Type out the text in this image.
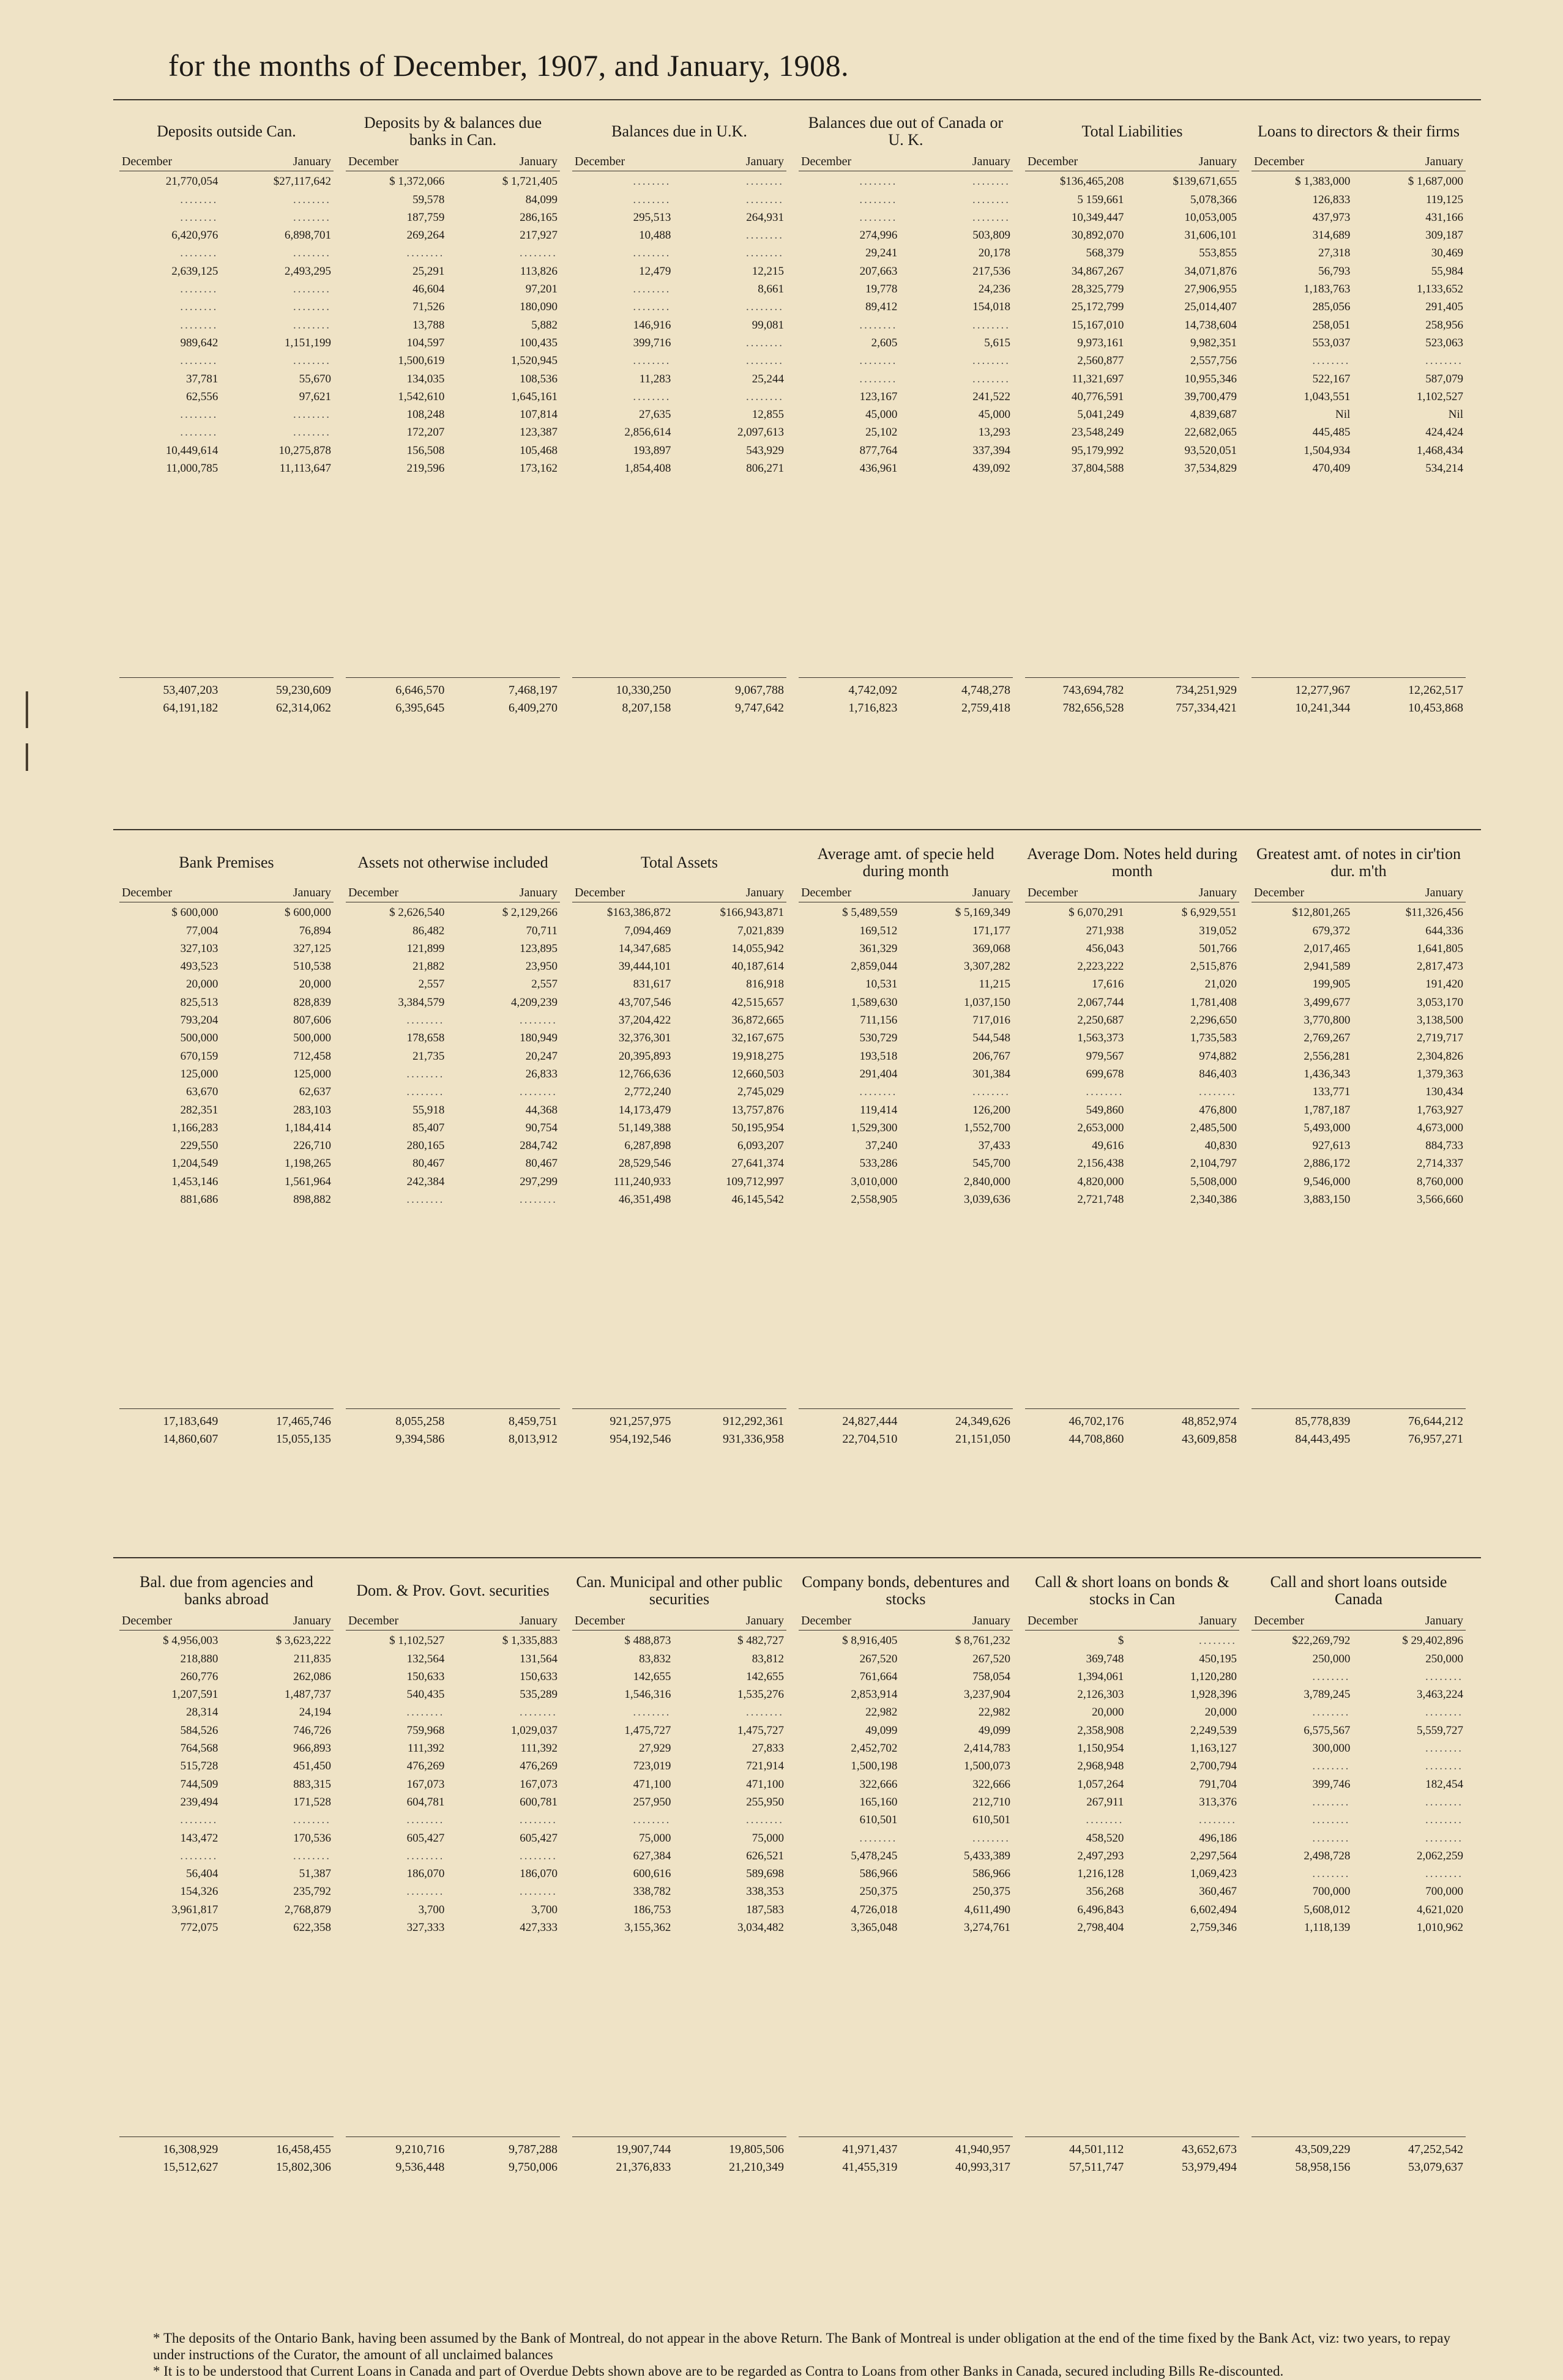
for the months of December, 1907, and January, 1908.
Deposits outside Can.
December	January
21,770,054	$27,117,642
........	........
........	........
6,420,976	6,898,701
........	........
2,639,125	2,493,295
........	........
........	........
........	........
989,642	1,151,199
........	........
37,781	55,670
62,556	97,621
........	........
........	........
10,449,614	10,275,878
11,000,785	11,113,647
53,407,203	59,230,609
64,191,182	62,314,062
Deposits by & balances due banks in Can.
December	January
$ 1,372,066	$ 1,721,405
59,578	84,099
187,759	286,165
269,264	217,927
........	........
25,291	113,826
46,604	97,201
71,526	180,090
13,788	5,882
104,597	100,435
1,500,619	1,520,945
134,035	108,536
1,542,610	1,645,161
108,248	107,814
172,207	123,387
156,508	105,468
219,596	173,162
6,646,570	7,468,197
6,395,645	6,409,270
Balances due in U.K.
December	January
........	........
........	........
295,513	264,931
10,488	........
........	........
12,479	12,215
........	8,661
........	........
146,916	99,081
399,716	........
........	........
11,283	25,244
........	........
27,635	12,855
2,856,614	2,097,613
193,897	543,929
1,854,408	806,271
10,330,250	9,067,788
8,207,158	9,747,642
Balances due out of Canada or U. K.
December	January
........	........
........	........
........	........
274,996	503,809
29,241	20,178
207,663	217,536
19,778	24,236
89,412	154,018
........	........
2,605	5,615
........	........
........	........
123,167	241,522
45,000	45,000
25,102	13,293
877,764	337,394
436,961	439,092
4,742,092	4,748,278
1,716,823	2,759,418
Total Liabilities
December	January
$136,465,208	$139,671,655
5 159,661	5,078,366
10,349,447	10,053,005
30,892,070	31,606,101
568,379	553,855
34,867,267	34,071,876
28,325,779	27,906,955
25,172,799	25,014,407
15,167,010	14,738,604
9,973,161	9,982,351
2,560,877	2,557,756
11,321,697	10,955,346
40,776,591	39,700,479
5,041,249	4,839,687
23,548,249	22,682,065
95,179,992	93,520,051
37,804,588	37,534,829
743,694,782	734,251,929
782,656,528	757,334,421
Loans to directors & their firms
December	January
$ 1,383,000	$ 1,687,000
126,833	119,125
437,973	431,166
314,689	309,187
27,318	30,469
56,793	55,984
1,183,763	1,133,652
285,056	291,405
258,051	258,956
553,037	523,063
........	........
522,167	587,079
1,043,551	1,102,527
Nil	Nil
445,485	424,424
1,504,934	1,468,434
470,409	534,214
12,277,967	12,262,517
10,241,344	10,453,868
Bank Premises
December	January
$ 600,000	$ 600,000
77,004	76,894
327,103	327,125
493,523	510,538
20,000	20,000
825,513	828,839
793,204	807,606
500,000	500,000
670,159	712,458
125,000	125,000
63,670	62,637
282,351	283,103
1,166,283	1,184,414
229,550	226,710
1,204,549	1,198,265
1,453,146	1,561,964
881,686	898,882
17,183,649	17,465,746
14,860,607	15,055,135
Assets not otherwise included
December	January
$ 2,626,540	$ 2,129,266
86,482	70,711
121,899	123,895
21,882	23,950
2,557	2,557
3,384,579	4,209,239
........	........
178,658	180,949
21,735	20,247
........	26,833
........	........
55,918	44,368
85,407	90,754
280,165	284,742
80,467	80,467
242,384	297,299
........	........
8,055,258	8,459,751
9,394,586	8,013,912
Total Assets
December	January
$163,386,872	$166,943,871
7,094,469	7,021,839
14,347,685	14,055,942
39,444,101	40,187,614
831,617	816,918
43,707,546	42,515,657
37,204,422	36,872,665
32,376,301	32,167,675
20,395,893	19,918,275
12,766,636	12,660,503
2,772,240	2,745,029
14,173,479	13,757,876
51,149,388	50,195,954
6,287,898	6,093,207
28,529,546	27,641,374
111,240,933	109,712,997
46,351,498	46,145,542
921,257,975	912,292,361
954,192,546	931,336,958
Average amt. of specie held during month
December	January
$ 5,489,559	$ 5,169,349
169,512	171,177
361,329	369,068
2,859,044	3,307,282
10,531	11,215
1,589,630	1,037,150
711,156	717,016
530,729	544,548
193,518	206,767
291,404	301,384
........	........
119,414	126,200
1,529,300	1,552,700
37,240	37,433
533,286	545,700
3,010,000	2,840,000
2,558,905	3,039,636
24,827,444	24,349,626
22,704,510	21,151,050
Average Dom. Notes held during month
December	January
$ 6,070,291	$ 6,929,551
271,938	319,052
456,043	501,766
2,223,222	2,515,876
17,616	21,020
2,067,744	1,781,408
2,250,687	2,296,650
1,563,373	1,735,583
979,567	974,882
699,678	846,403
........	........
549,860	476,800
2,653,000	2,485,500
49,616	40,830
2,156,438	2,104,797
4,820,000	5,508,000
2,721,748	2,340,386
46,702,176	48,852,974
44,708,860	43,609,858
Greatest amt. of notes in cir'tion dur. m'th
December	January
$12,801,265	$11,326,456
679,372	644,336
2,017,465	1,641,805
2,941,589	2,817,473
199,905	191,420
3,499,677	3,053,170
3,770,800	3,138,500
2,769,267	2,719,717
2,556,281	2,304,826
1,436,343	1,379,363
133,771	130,434
1,787,187	1,763,927
5,493,000	4,673,000
927,613	884,733
2,886,172	2,714,337
9,546,000	8,760,000
3,883,150	3,566,660
85,778,839	76,644,212
84,443,495	76,957,271
Bal. due from agencies and banks abroad
December	January
$ 4,956,003	$ 3,623,222
218,880	211,835
260,776	262,086
1,207,591	1,487,737
28,314	24,194
584,526	746,726
764,568	966,893
515,728	451,450
744,509	883,315
239,494	171,528
........	........
143,472	170,536
........	........
56,404	51,387
154,326	235,792
3,961,817	2,768,879
772,075	622,358
16,308,929	16,458,455
15,512,627	15,802,306
Dom. & Prov. Govt. securities
December	January
$ 1,102,527	$ 1,335,883
132,564	131,564
150,633	150,633
540,435	535,289
........	........
759,968	1,029,037
111,392	111,392
476,269	476,269
167,073	167,073
604,781	600,781
........	........
605,427	605,427
........	........
186,070	186,070
........	........
3,700	3,700
327,333	427,333
9,210,716	9,787,288
9,536,448	9,750,006
Can. Municipal and other public securities
December	January
$ 488,873	$ 482,727
83,832	83,812
142,655	142,655
1,546,316	1,535,276
........	........
1,475,727	1,475,727
27,929	27,833
723,019	721,914
471,100	471,100
257,950	255,950
........	........
75,000	75,000
627,384	626,521
600,616	589,698
338,782	338,353
186,753	187,583
3,155,362	3,034,482
19,907,744	19,805,506
21,376,833	21,210,349
Company bonds, debentures and stocks
December	January
$ 8,916,405	$ 8,761,232
267,520	267,520
761,664	758,054
2,853,914	3,237,904
22,982	22,982
49,099	49,099
2,452,702	2,414,783
1,500,198	1,500,073
322,666	322,666
165,160	212,710
610,501	610,501
........	........
5,478,245	5,433,389
586,966	586,966
250,375	250,375
4,726,018	4,611,490
3,365,048	3,274,761
41,971,437	41,940,957
41,455,319	40,993,317
Call & short loans on bonds & stocks in Can
December	January
$	........
369,748	450,195
1,394,061	1,120,280
2,126,303	1,928,396
20,000	20,000
2,358,908	2,249,539
1,150,954	1,163,127
2,968,948	2,700,794
1,057,264	791,704
267,911	313,376
........	........
458,520	496,186
2,497,293	2,297,564
1,216,128	1,069,423
356,268	360,467
6,496,843	6,602,494
2,798,404	2,759,346
44,501,112	43,652,673
57,511,747	53,979,494
Call and short loans outside Canada
December	January
$22,269,792	$ 29,402,896
250,000	250,000
........	........
3,789,245	3,463,224
........	........
6,575,567	5,559,727
300,000	........
........	........
399,746	182,454
........	........
........	........
........	........
2,498,728	2,062,259
........	........
700,000	700,000
5,608,012	4,621,020
1,118,139	1,010,962
43,509,229	47,252,542
58,958,156	53,079,637
* The deposits of the Ontario Bank, having been assumed by the Bank of Montreal, do not appear in the above Return. The Bank of Montreal is under obligation at the end of the time fixed by the Bank Act, viz: two years, to repay under instructions of the Curator, the amount of all unclaimed balances
* It is to be understood that Current Loans in Canada and part of Overdue Debts shown above are to be regarded as Contra to Loans from other Banks in Canada, secured including Bills Re-discounted.
